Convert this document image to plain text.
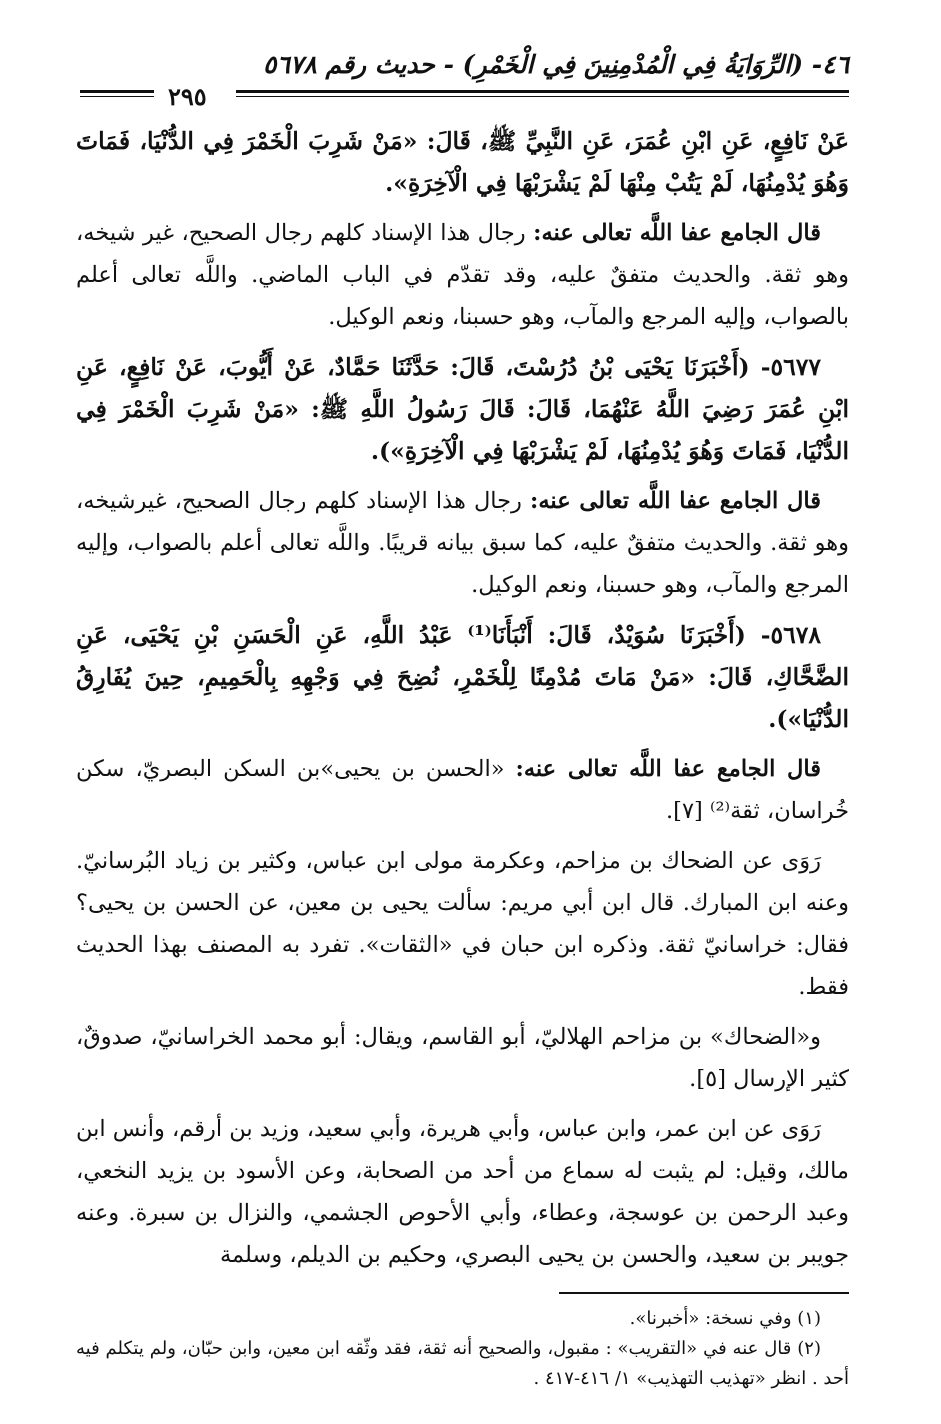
٤٦- (الرِّوَايَةُ فِي الْمُدْمِنِينَ فِي الْخَمْرِ) - حديث رقم ٥٦٧٨
٢٩٥

عَنْ نَافِعٍ، عَنِ ابْنِ عُمَرَ، عَنِ النَّبِيِّ ﷺ، قَالَ: «مَنْ شَرِبَ الْخَمْرَ فِي الدُّنْيَا، فَمَاتَ وَهُوَ يُدْمِنُهَا، لَمْ يَتُبْ مِنْهَا لَمْ يَشْرَبْهَا فِي الْآخِرَةِ».

قال الجامع عفا اللَّه تعالى عنه: رجال هذا الإسناد كلهم رجال الصحيح، غير شيخه، وهو ثقة. والحديث متفقٌ عليه، وقد تقدّم في الباب الماضي. واللَّه تعالى أعلم بالصواب، وإليه المرجع والمآب، وهو حسبنا، ونعم الوكيل.

٥٦٧٧- (أَخْبَرَنَا يَحْيَى بْنُ دُرُسْتَ، قَالَ: حَدَّثَنَا حَمَّادٌ، عَنْ أَيُّوبَ، عَنْ نَافِعٍ، عَنِ ابْنِ عُمَرَ رَضِيَ اللَّهُ عَنْهُمَا، قَالَ: قَالَ رَسُولُ اللَّهِ ﷺ: «مَنْ شَرِبَ الْخَمْرَ فِي الدُّنْيَا، فَمَاتَ وَهُوَ يُدْمِنُهَا، لَمْ يَشْرَبْهَا فِي الْآخِرَةِ»).

قال الجامع عفا اللَّه تعالى عنه: رجال هذا الإسناد كلهم رجال الصحيح، غيرشيخه، وهو ثقة. والحديث متفقٌ عليه، كما سبق بيانه قريبًا. واللَّه تعالى أعلم بالصواب، وإليه المرجع والمآب، وهو حسبنا، ونعم الوكيل.

٥٦٧٨- (أَخْبَرَنَا سُوَيْدٌ، قَالَ: أَنْبَأَنَا⁽¹⁾ عَبْدُ اللَّهِ، عَنِ الْحَسَنِ بْنِ يَحْيَى، عَنِ الضَّحَّاكِ، قَالَ: «مَنْ مَاتَ مُدْمِنًا لِلْخَمْرِ، نُضِحَ فِي وَجْهِهِ بِالْحَمِيمِ، حِينَ يُفَارِقُ الدُّنْيَا»).

قال الجامع عفا اللَّه تعالى عنه: «الحسن بن يحيى»بن السكن البصريّ، سكن خُراسان، ثقة⁽²⁾ [٧].

رَوَى عن الضحاك بن مزاحم، وعكرمة مولى ابن عباس، وكثير بن زياد البُرسانيّ. وعنه ابن المبارك. قال ابن أبي مريم: سألت يحيى بن معين، عن الحسن بن يحيى؟ فقال: خراسانيّ ثقة. وذكره ابن حبان في «الثقات». تفرد به المصنف بهذا الحديث فقط.

و«الضحاك» بن مزاحم الهلاليّ، أبو القاسم، ويقال: أبو محمد الخراسانيّ، صدوقٌ، كثير الإرسال [٥].

رَوَى عن ابن عمر، وابن عباس، وأبي هريرة، وأبي سعيد، وزيد بن أرقم، وأنس ابن مالك، وقيل: لم يثبت له سماع من أحد من الصحابة، وعن الأسود بن يزيد النخعي، وعبد الرحمن بن عوسجة، وعطاء، وأبي الأحوص الجشمي، والنزال بن سبرة. وعنه جويبر بن سعيد، والحسن بن يحيى البصري، وحكيم بن الديلم، وسلمة

(١) وفي نسخة: «أخبرنا».

(٢) قال عنه في «التقريب» : مقبول، والصحيح أنه ثقة، فقد وثّقه ابن معين، وابن حبّان، ولم يتكلم فيه أحد . انظر «تهذيب التهذيب» ١/ ٤١٦-٤١٧ .
